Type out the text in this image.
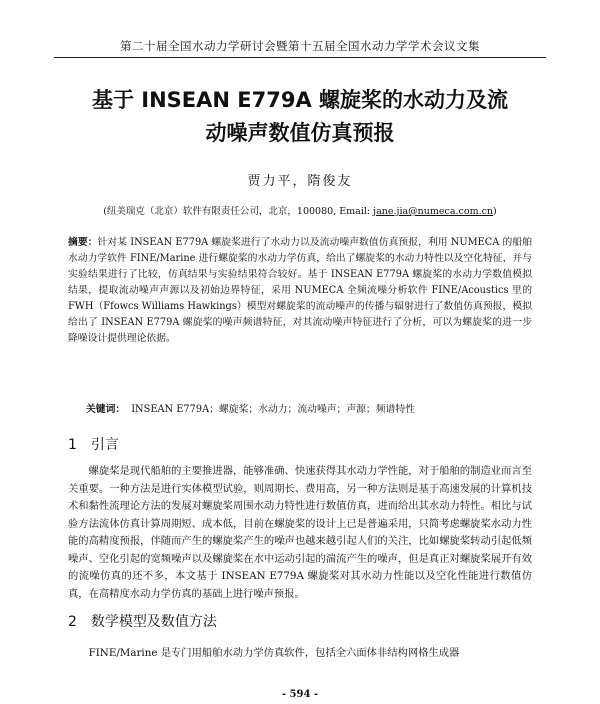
第二十届全国水动力学研讨会暨第十五届全国水动力学学术会议文集
基于 INSEAN E779A 螺旋桨的水动力及流
动噪声数值仿真预报
贾力平，隋俊友
(纽美瑞克（北京）软件有限责任公司，北京，100080, Email: jane.jia@numeca.com.cn)
摘要：针对某 INSEAN E779A 螺旋桨进行了水动力以及流动噪声数值仿真预报，利用 NUMECA 的船舶水动力学软件 FINE/Marine 进行螺旋桨的水动力学仿真，给出了螺旋桨的水动力特性以及空化特征，并与实验结果进行了比较，仿真结果与实验结果符合较好。基于 INSEAN E779A 螺旋桨的水动力学数值模拟结果，提取流动噪声声源以及初始边界特征，采用 NUMECA 全频流噪分析软件 FINE/Acoustics 里的 FWH（Ffowcs Williams Hawkings）模型对螺旋桨的流动噪声的传播与辐射进行了数值仿真预报，模拟给出了 INSEAN E779A 螺旋桨的噪声频谱特征，对其流动噪声特征进行了分析，可以为螺旋桨的进一步降噪设计提供理论依据。
关键词： INSEAN E779A；螺旋桨；水动力；流动噪声；声源；频谱特性
1 引言
螺旋桨是现代船舶的主要推进器，能够准确、快速获得其水动力学性能，对于船舶的制造业而言至关重要。一种方法是进行实体模型试验，则周期长、费用高，另一种方法则是基于高速发展的计算机技术和黏性流理论方法的发展对螺旋桨周围水动力特性进行数值仿真，进而给出其水动力特性。相比与试验方法流体仿真计算周期短、成本低，目前在螺旋桨的设计上已是普遍采用，只简考虑螺旋桨水动力性能的高精度预报，伴随而产生的螺旋桨产生的噪声也越来越引起人们的关注，比如螺旋桨转动引起低频噪声、空化引起的宽频噪声以及螺旋桨在水中运动引起的湍流产生的噪声，但是真正对螺旋桨展开有效的流噪仿真的还不多，本文基于 INSEAN E779A 螺旋桨对其水动力性能以及空化性能进行数值仿真，在高精度水动力学仿真的基础上进行噪声预报。
2 数学模型及数值方法
FINE/Marine 是专门用船舶水动力学仿真软件，包括全六面体非结构网格生成器
- 594 -
